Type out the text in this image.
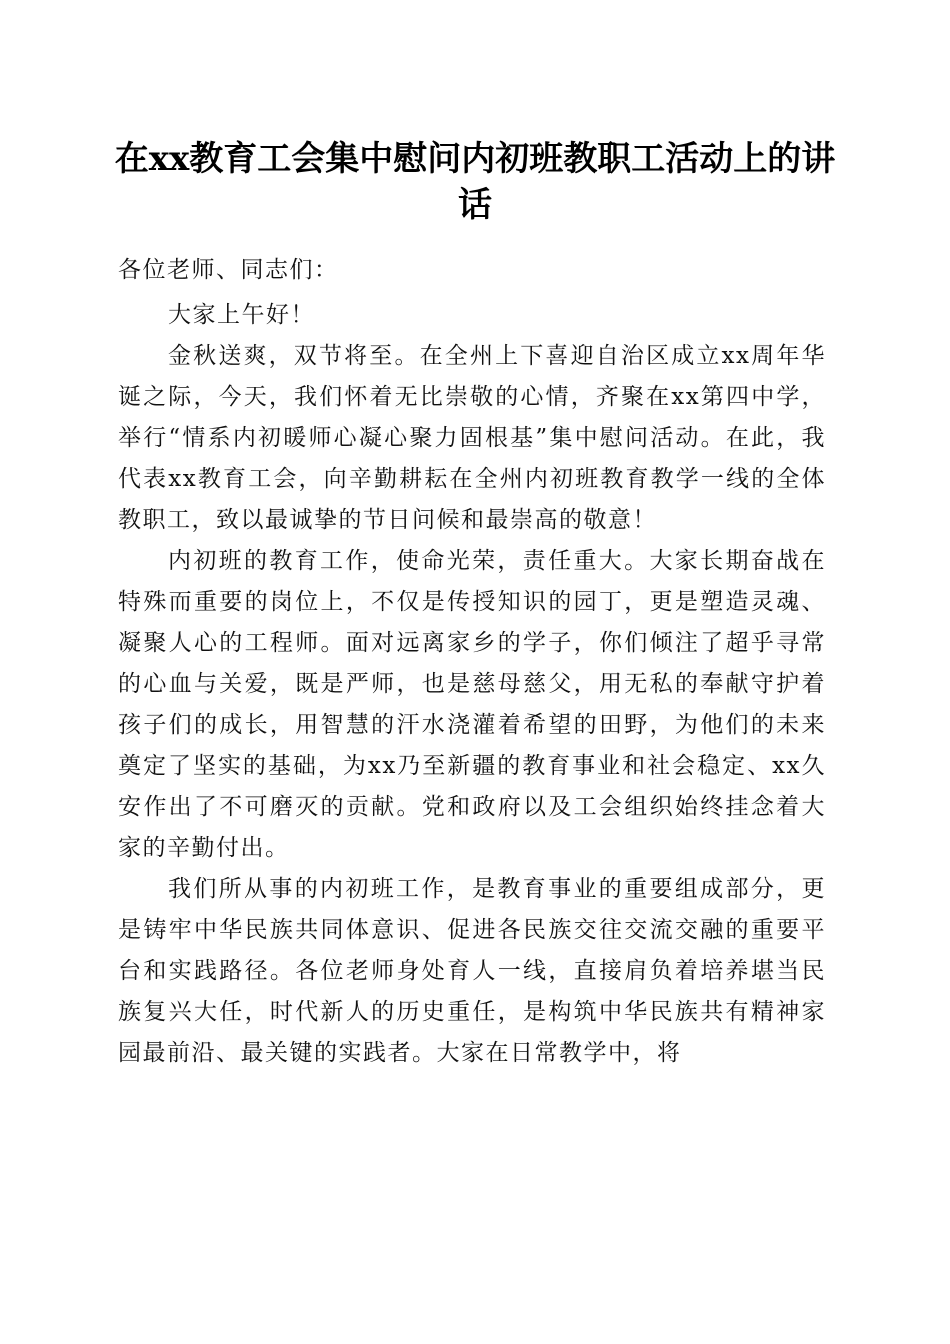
在xx教育工会集中慰问内初班教职工活动上的讲话

各位老师、同志们：

大家上午好！

金秋送爽，双节将至。在全州上下喜迎自治区成立xx周年华诞之际，今天，我们怀着无比崇敬的心情，齐聚在xx第四中学，举行“情系内初暖师心凝心聚力固根基”集中慰问活动。在此，我代表xx教育工会，向辛勤耕耘在全州内初班教育教学一线的全体教职工，致以最诚挚的节日问候和最崇高的敬意！

内初班的教育工作，使命光荣，责任重大。大家长期奋战在特殊而重要的岗位上，不仅是传授知识的园丁，更是塑造灵魂、凝聚人心的工程师。面对远离家乡的学子，你们倾注了超乎寻常的心血与关爱，既是严师，也是慈母慈父，用无私的奉献守护着孩子们的成长，用智慧的汗水浇灌着希望的田野，为他们的未来奠定了坚实的基础，为xx乃至新疆的教育事业和社会稳定、xx久安作出了不可磨灭的贡献。党和政府以及工会组织始终挂念着大家的辛勤付出。

我们所从事的内初班工作，是教育事业的重要组成部分，更是铸牢中华民族共同体意识、促进各民族交往交流交融的重要平台和实践路径。各位老师身处育人一线，直接肩负着培养堪当民族复兴大任，时代新人的历史重任，是构筑中华民族共有精神家园最前沿、最关键的实践者。大家在日常教学中，将
